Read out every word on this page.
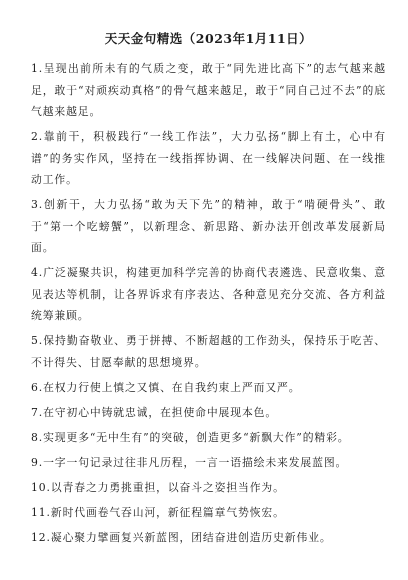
天天金句精选（2023年1月11日）

1.呈现出前所未有的气质之变，敢于“同先进比高下”的志气越来越足，敢于“对顽疾动真格”的骨气越来越足，敢于“同自己过不去”的底气越来越足。

2.靠前干，积极践行“一线工作法”，大力弘扬“脚上有土，心中有谱”的务实作风，坚持在一线指挥协调、在一线解决问题、在一线推动工作。

3.创新干，大力弘扬“敢为天下先”的精神，敢于“啃硬骨头”、敢于“第一个吃螃蟹”，以新理念、新思路、新办法开创改革发展新局面。

4.广泛凝聚共识，构建更加科学完善的协商代表遴选、民意收集、意见表达等机制，让各界诉求有序表达、各种意见充分交流、各方利益统筹兼顾。

5.保持勤奋敬业、勇于拼搏、不断超越的工作劲头，保持乐于吃苦、不计得失、甘愿奉献的思想境界。

6.在权力行使上慎之又慎、在自我约束上严而又严。

7.在守初心中铸就忠诚，在担使命中展现本色。

8.实现更多“无中生有”的突破，创造更多“新飘大作”的精彩。

9.一字一句记录过往非凡历程，一言一语描绘未来发展蓝图。

10.以青春之力勇挑重担，以奋斗之姿担当作为。

11.新时代画卷气吞山河，新征程篇章气势恢宏。

12.凝心聚力擘画复兴新蓝图，团结奋进创造历史新伟业。
